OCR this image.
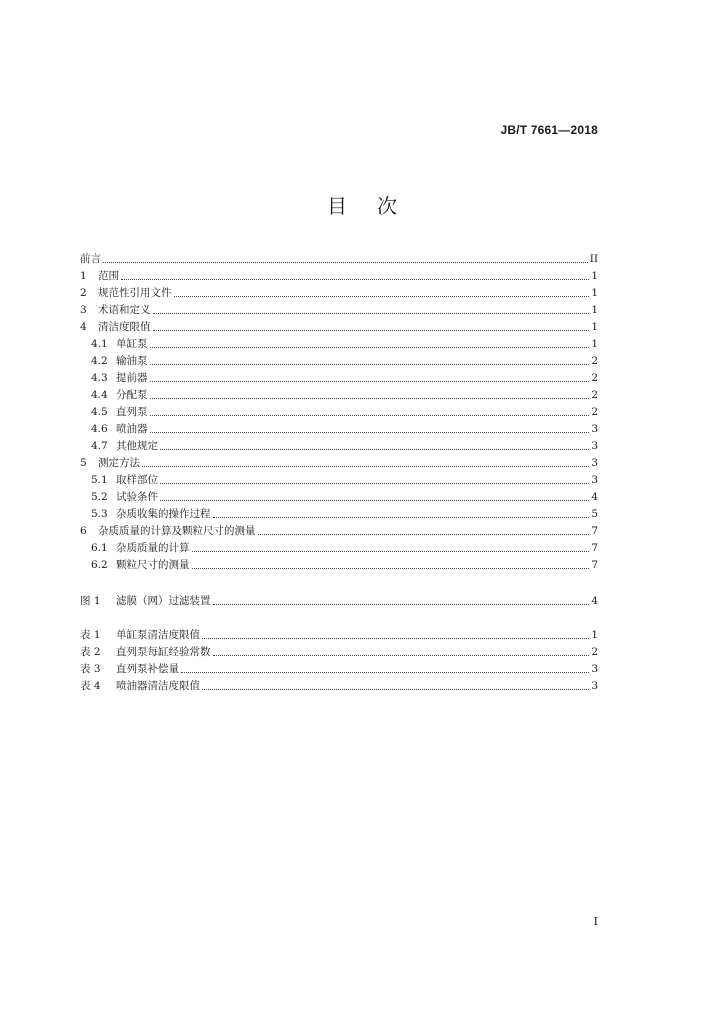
JB/T 7661—2018
目 次
前言	II
1	范围	1
2	规范性引用文件	1
3	术语和定义	1
4	清洁度限值	1
4.1 单缸泵	1
4.2 输油泵	2
4.3 提前器	2
4.4 分配泵	2
4.5 直列泵	2
4.6 喷油器	3
4.7 其他规定	3
5	测定方法	3
5.1 取样部位	3
5.2 试验条件	4
5.3 杂质收集的操作过程	5
6	杂质质量的计算及颗粒尺寸的测量	7
6.1 杂质质量的计算	7
6.2 颗粒尺寸的测量	7
图 1	滤膜（网）过滤装置	4
表 1	单缸泵清洁度限值	1
表 2	直列泵每缸经验常数	2
表 3	直列泵补偿量	3
表 4	喷油器清洁度限值	3
I
